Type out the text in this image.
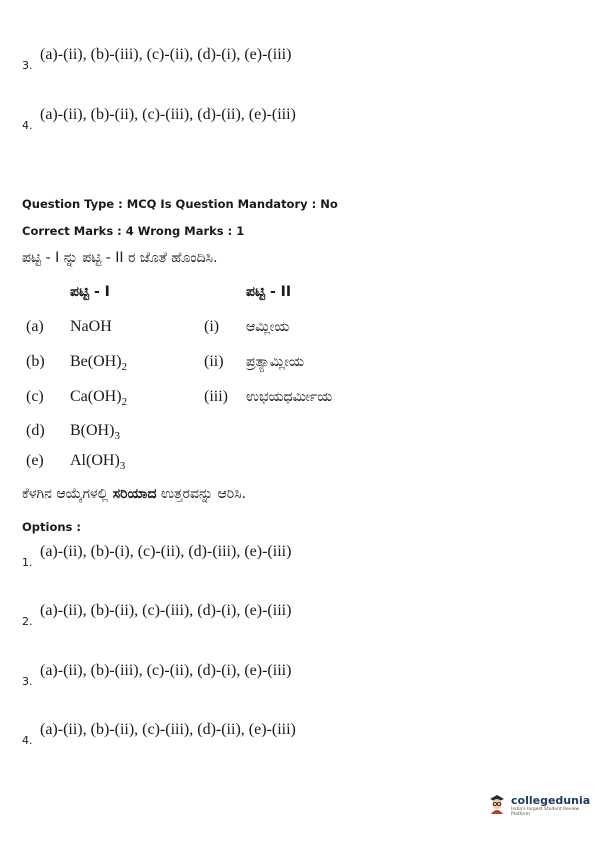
3.
(a)-(ii), (b)-(iii), (c)-(ii), (d)-(i), (e)-(iii)
4.
(a)-(ii), (b)-(ii), (c)-(iii), (d)-(ii), (e)-(iii)
Question Type : MCQ Is Question Mandatory : No
Correct Marks : 4 Wrong Marks : 1
ಪಟ್ಟಿ - I ನ್ನು ಪಟ್ಟಿ - II ರ ಜೊತೆ ಹೊಂದಿಸಿ.
ಪಟ್ಟಿ - I	ಪಟ್ಟಿ - II
(a) NaOH	(i) ಆಮ್ಲೀಯ
(b) $Be(OH)_2$	(ii) ಪ್ರತ್ಯಾಮ್ಲೀಯ
(c) $Ca(OH)_2$	(iii) ಉಭಯಧರ್ಮೀಯ
(d) $B(OH)_3$
(e) $Al(OH)_3$
ಕೆಳಗಿನ ಆಯ್ಕೆಗಳಲ್ಲಿ ಸರಿಯಾದ ಉತ್ತರವನ್ನು ಆರಿಸಿ.
Options :
1.
(a)-(ii), (b)-(i), (c)-(ii), (d)-(iii), (e)-(iii)
2.
(a)-(ii), (b)-(ii), (c)-(iii), (d)-(i), (e)-(iii)
3.
(a)-(ii), (b)-(iii), (c)-(ii), (d)-(i), (e)-(iii)
4.
(a)-(ii), (b)-(ii), (c)-(iii), (d)-(ii), (e)-(iii)
collegedunia
India's largest Student Review Platform
